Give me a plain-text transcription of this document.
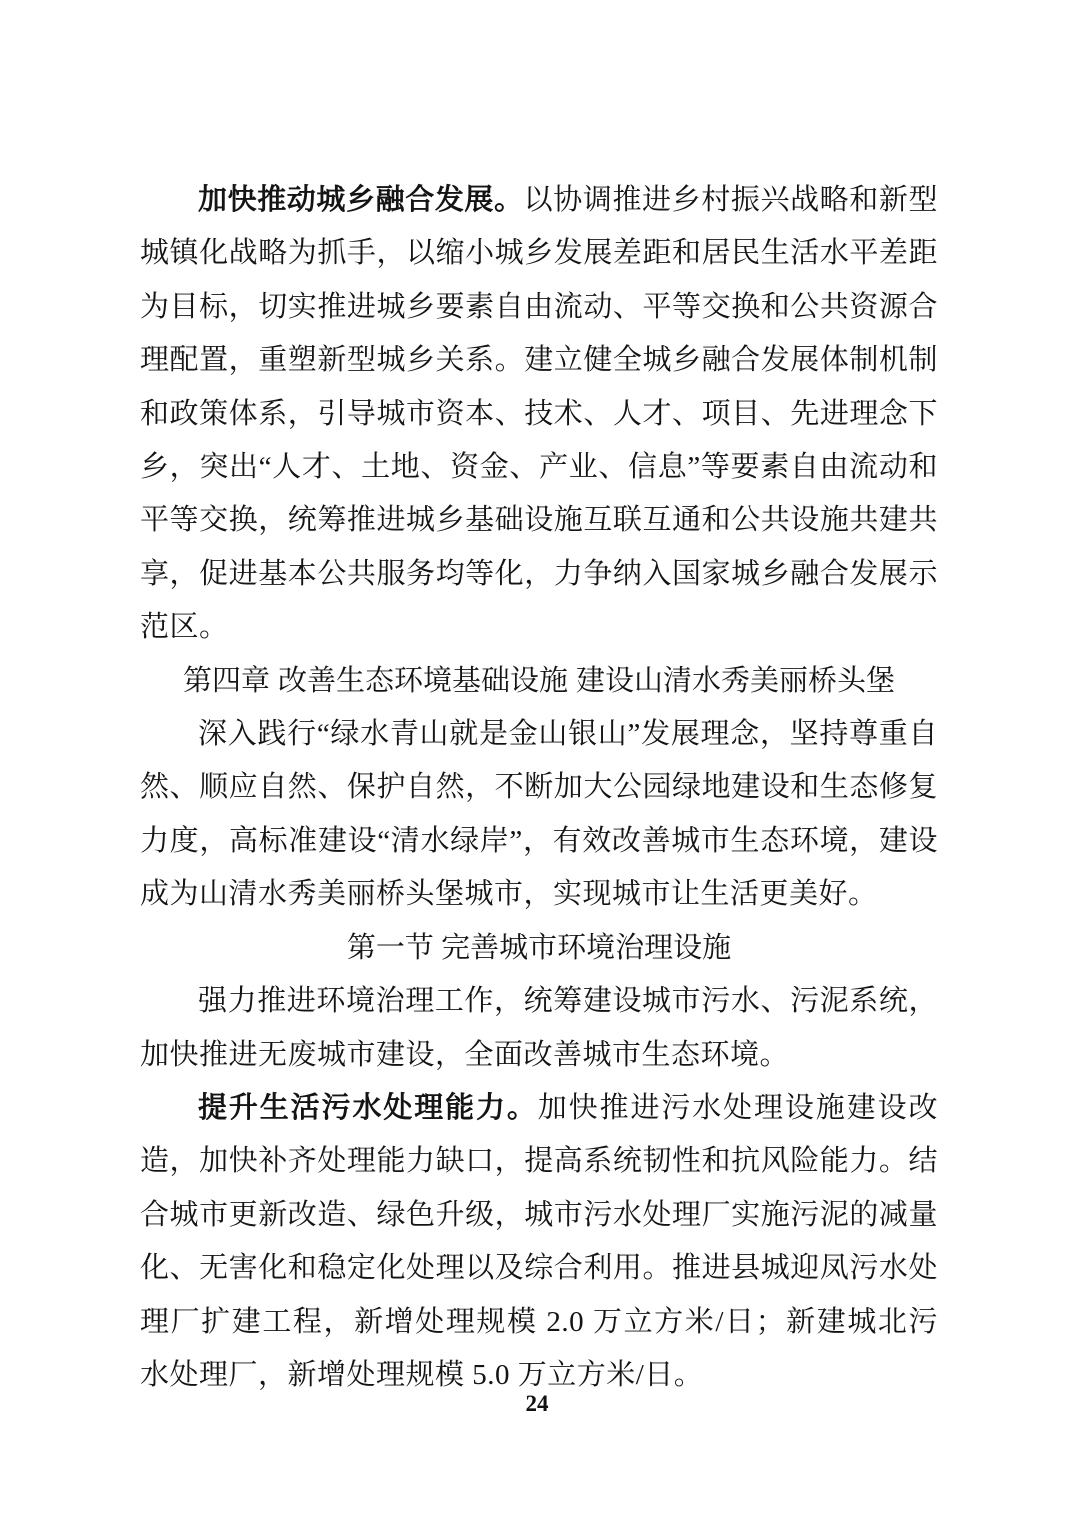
加快推动城乡融合发展。以协调推进乡村振兴战略和新型城镇化战略为抓手，以缩小城乡发展差距和居民生活水平差距为目标，切实推进城乡要素自由流动、平等交换和公共资源合理配置，重塑新型城乡关系。建立健全城乡融合发展体制机制和政策体系，引导城市资本、技术、人才、项目、先进理念下乡，突出“人才、土地、资金、产业、信息”等要素自由流动和平等交换，统筹推进城乡基础设施互联互通和公共设施共建共享，促进基本公共服务均等化，力争纳入国家城乡融合发展示范区。

第四章 改善生态环境基础设施 建设山清水秀美丽桥头堡

深入践行“绿水青山就是金山银山”发展理念，坚持尊重自然、顺应自然、保护自然，不断加大公园绿地建设和生态修复力度，高标准建设“清水绿岸”，有效改善城市生态环境，建设成为山清水秀美丽桥头堡城市，实现城市让生活更美好。

第一节 完善城市环境治理设施

强力推进环境治理工作，统筹建设城市污水、污泥系统，加快推进无废城市建设，全面改善城市生态环境。

提升生活污水处理能力。加快推进污水处理设施建设改造，加快补齐处理能力缺口，提高系统韧性和抗风险能力。结合城市更新改造、绿色升级，城市污水处理厂实施污泥的减量化、无害化和稳定化处理以及综合利用。推进县城迎凤污水处理厂扩建工程，新增处理规模 2.0 万立方米/日；新建城北污水处理厂，新增处理规模 5.0 万立方米/日。

24
